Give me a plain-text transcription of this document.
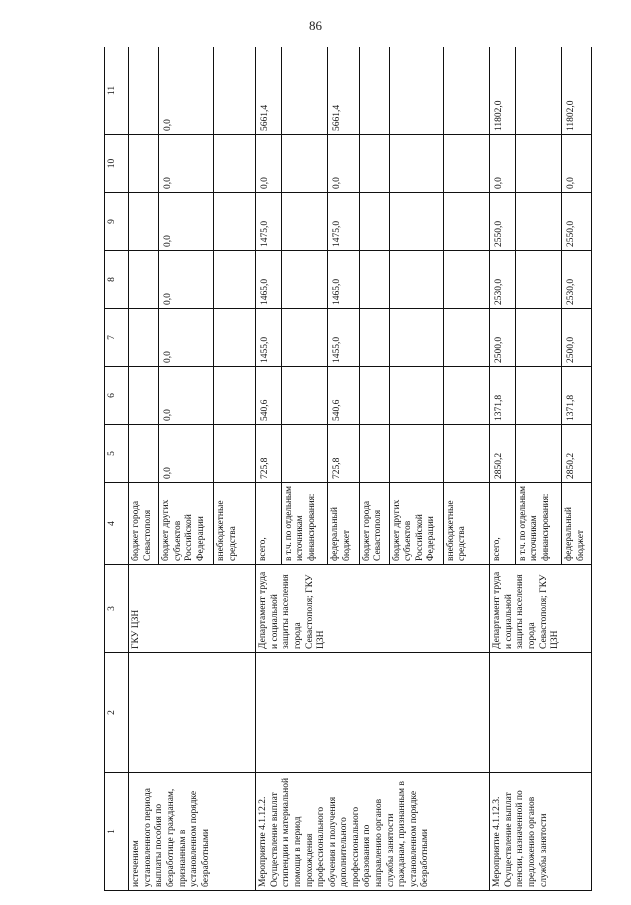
86
1	2	3	4	5	6	7	8	9	10	11
истечением установленного периода выплаты пособия по безработице гражданам, признанным в установленном порядке безработными		ГКУ ЦЗН	бюджет города Севастополя							
			бюджет других субъектов Российской Федерации	0,0	0,0	0,0	0,0	0,0	0,0	0,0
			внебюджетные средства							
Мероприятие 4.1.12.2. Осуществление выплат стипендии и материальной помощи в период прохождения профессионального обучения и получения дополнительного профессионального образования по направлению органов службы занятости гражданам, признанным в установленном порядке безработными		Департамент труда и социальной защиты населения города Севастополя; ГКУ ЦЗН	всего,	725,8	540,6	1455,0	1465,0	1475,0	0,0	5661,4
			в т.ч. по отдельным источникам финансирования:							
			федеральный бюджет	725,8	540,6	1455,0	1465,0	1475,0	0,0	5661,4
			бюджет города Севастополя							
			бюджет других субъектов Российской Федерации							
			внебюджетные средства							
Мероприятие 4.1.12.3. Осуществление выплат пенсии, назначенной по предложению органов службы занятости		Департамент труда и социальной защиты населения города Севастополя; ГКУ ЦЗН	всего,	2850,2	1371,8	2500,0	2530,0	2550,0	0,0	11802,0
			в т.ч. по отдельным источникам финансирования:							
			федеральный бюджет	2850,2	1371,8	2500,0	2530,0	2550,0	0,0	11802,0
